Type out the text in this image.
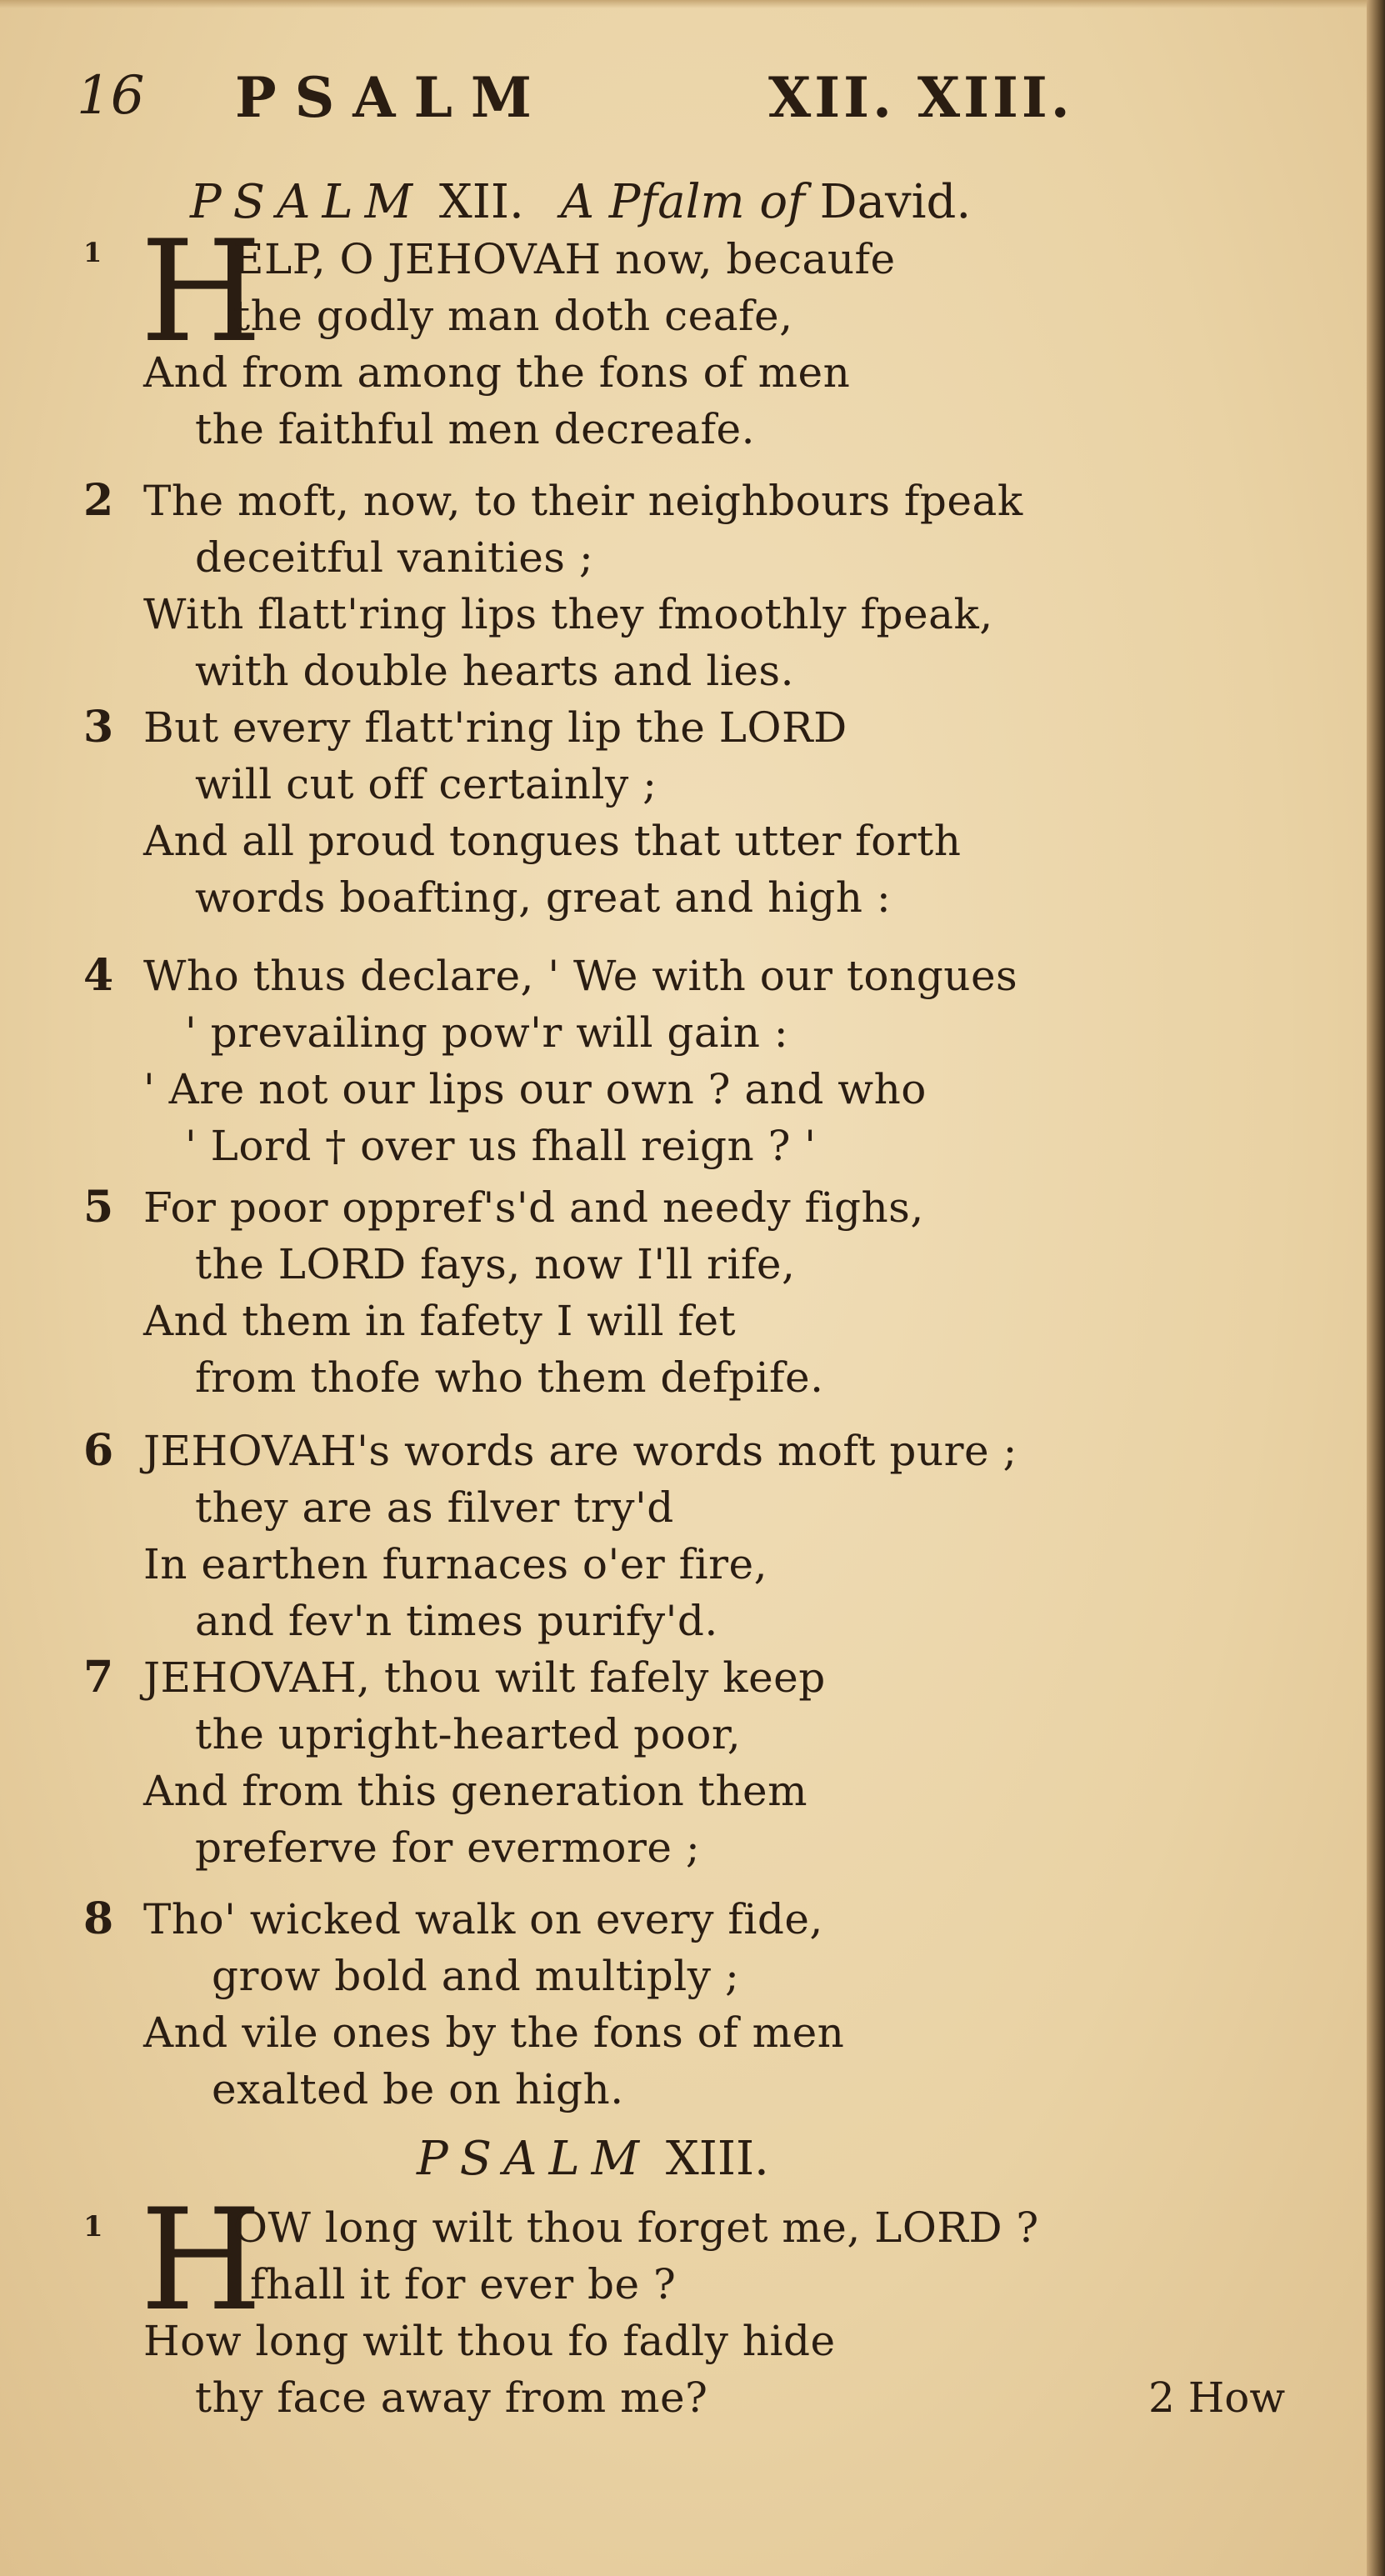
16 PSALM	XII. XIII.
PSALM XII. A Pfalm of David.
1 H
ELP, O JEHOVAH now, becaufe
the godly man doth ceafe,
And from among the fons of men
the faithful men decreafe.
2 The moft, now, to their neighbours fpeak
deceitful vanities ;
With flatt'ring lips they fmoothly fpeak,
with double hearts and lies.
3 But every flatt'ring lip the LORD
will cut off certainly ;
And all proud tongues that utter forth
words boafting, great and high :
4 Who thus declare, ' We with our tongues
' prevailing pow'r will gain :
' Are not our lips our own ? and who
' Lord † over us fhall reign ? '
5 For poor oppref's'd and needy fighs,
the LORD fays, now I'll rife,
And them in fafety I will fet
from thofe who them defpife.
6 JEHOVAH's words are words moft pure ;
they are as filver try'd
In earthen furnaces o'er fire,
and fev'n times purify'd.
7 JEHOVAH, thou wilt fafely keep
the upright-hearted poor,
And from this generation them
preferve for evermore ;
8 Tho' wicked walk on every fide,
grow bold and multiply ;
And vile ones by the fons of men
exalted be on high.
PSALM XIII.
1 H
OW long wilt thou forget me, LORD ?
fhall it for ever be ?
How long wilt thou fo fadly hide
thy face away from me?	2 How
